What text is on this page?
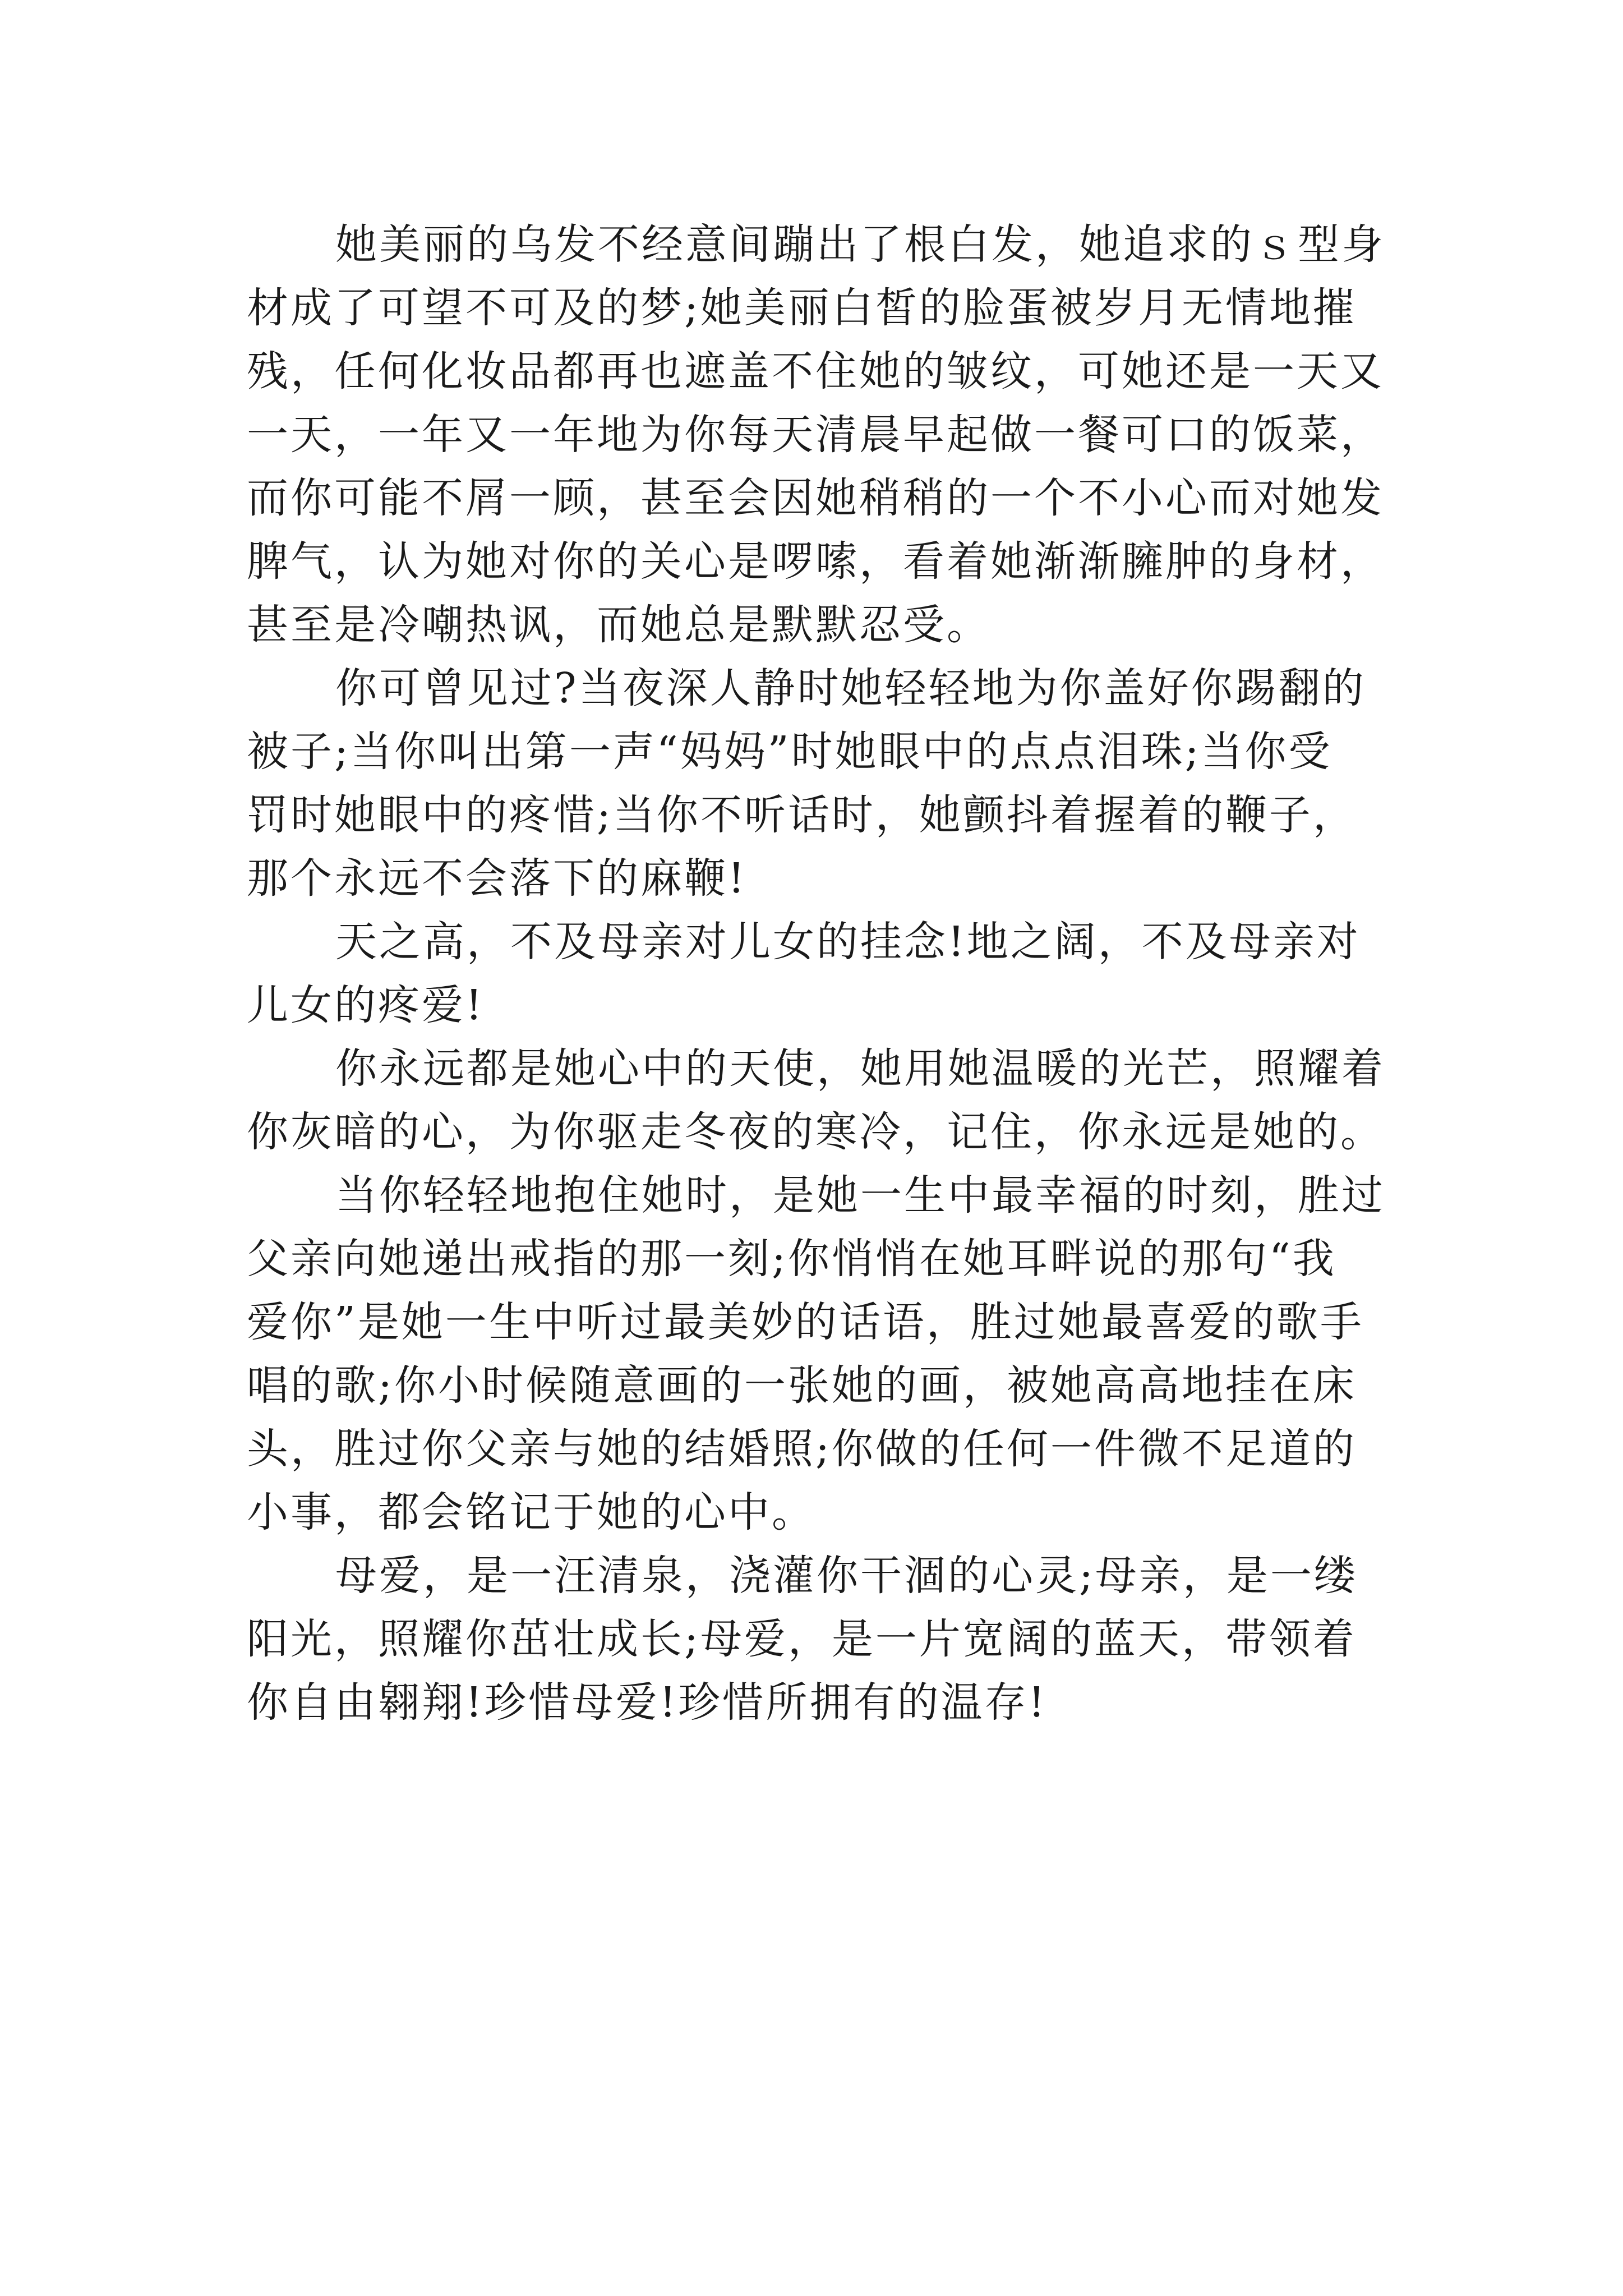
她美丽的乌发不经意间蹦出了根白发，她追求的ｓ型身
材成了可望不可及的梦;她美丽白皙的脸蛋被岁月无情地摧
残，任何化妆品都再也遮盖不住她的皱纹，可她还是一天又
一天，一年又一年地为你每天清晨早起做一餐可口的饭菜，
而你可能不屑一顾，甚至会因她稍稍的一个不小心而对她发
脾气，认为她对你的关心是啰嗦，看着她渐渐臃肿的身材，
甚至是冷嘲热讽，而她总是默默忍受。
你可曾见过?当夜深人静时她轻轻地为你盖好你踢翻的
被子;当你叫出第一声“妈妈”时她眼中的点点泪珠;当你受
罚时她眼中的疼惜;当你不听话时，她颤抖着握着的鞭子，
那个永远不会落下的麻鞭!
天之高，不及母亲对儿女的挂念!地之阔，不及母亲对
儿女的疼爱!
你永远都是她心中的天使，她用她温暖的光芒，照耀着
你灰暗的心，为你驱走冬夜的寒冷，记住，你永远是她的。
当你轻轻地抱住她时，是她一生中最幸福的时刻，胜过
父亲向她递出戒指的那一刻;你悄悄在她耳畔说的那句“我
爱你”是她一生中听过最美妙的话语，胜过她最喜爱的歌手
唱的歌;你小时候随意画的一张她的画，被她高高地挂在床
头，胜过你父亲与她的结婚照;你做的任何一件微不足道的
小事，都会铭记于她的心中。
母爱，是一汪清泉，浇灌你干涸的心灵;母亲，是一缕
阳光，照耀你茁壮成长;母爱，是一片宽阔的蓝天，带领着
你自由翱翔!珍惜母爱!珍惜所拥有的温存!
